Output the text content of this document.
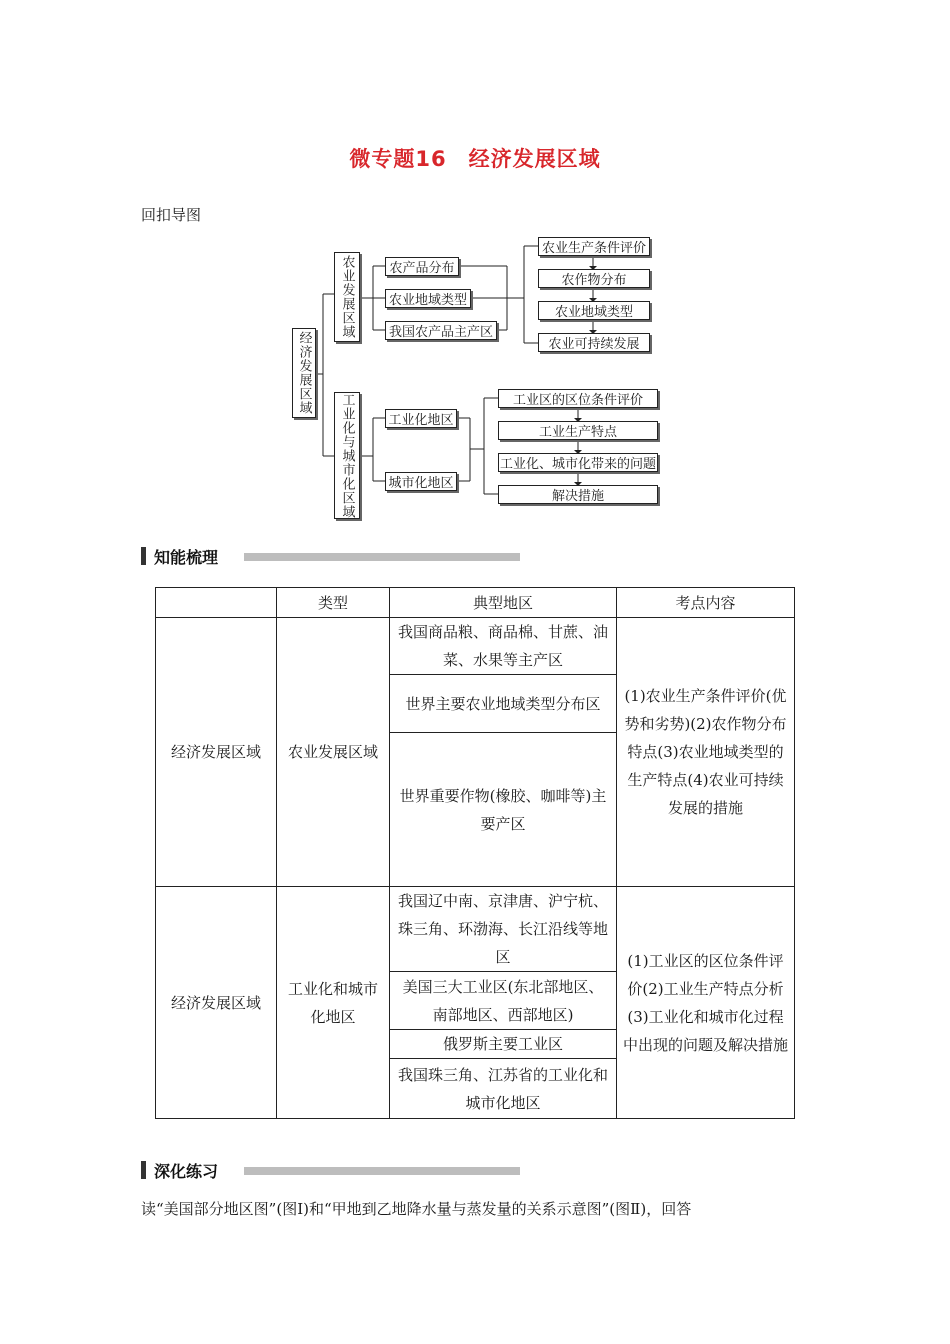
微专题16　经济发展区域
回扣导图
经济发展区域
农业发展区域
工业化与城市化区域
农产品分布
农业地域类型
我国农产品主产区
农业生产条件评价
农作物分布
农业地域类型
农业可持续发展
工业化地区
城市化地区
工业区的区位条件评价
工业生产特点
工业化、城市化带来的问题
解决措施
知能梳理
	类型	典型地区	考点内容
经济发展区域	农业发展区域	我国商品粮、商品棉、甘蔗、油菜、水果等主产区	(1)农业生产条件评价(优势和劣势)(2)农作物分布特点(3)农业地域类型的生产特点(4)农业可持续发展的措施
		世界主要农业地域类型分布区	
		世界重要作物(橡胶、咖啡等)主要产区	
经济发展区域	工业化和城市化地区	我国辽中南、京津唐、沪宁杭、珠三角、环渤海、长江沿线等地区	(1)工业区的区位条件评价(2)工业生产特点分析(3)工业化和城市化过程中出现的问题及解决措施
		美国三大工业区(东北部地区、南部地区、西部地区)	
		俄罗斯主要工业区	
		我国珠三角、江苏省的工业化和城市化地区	
深化练习
读“美国部分地区图”(图Ⅰ)和“甲地到乙地降水量与蒸发量的关系示意图”(图Ⅱ)，回答
